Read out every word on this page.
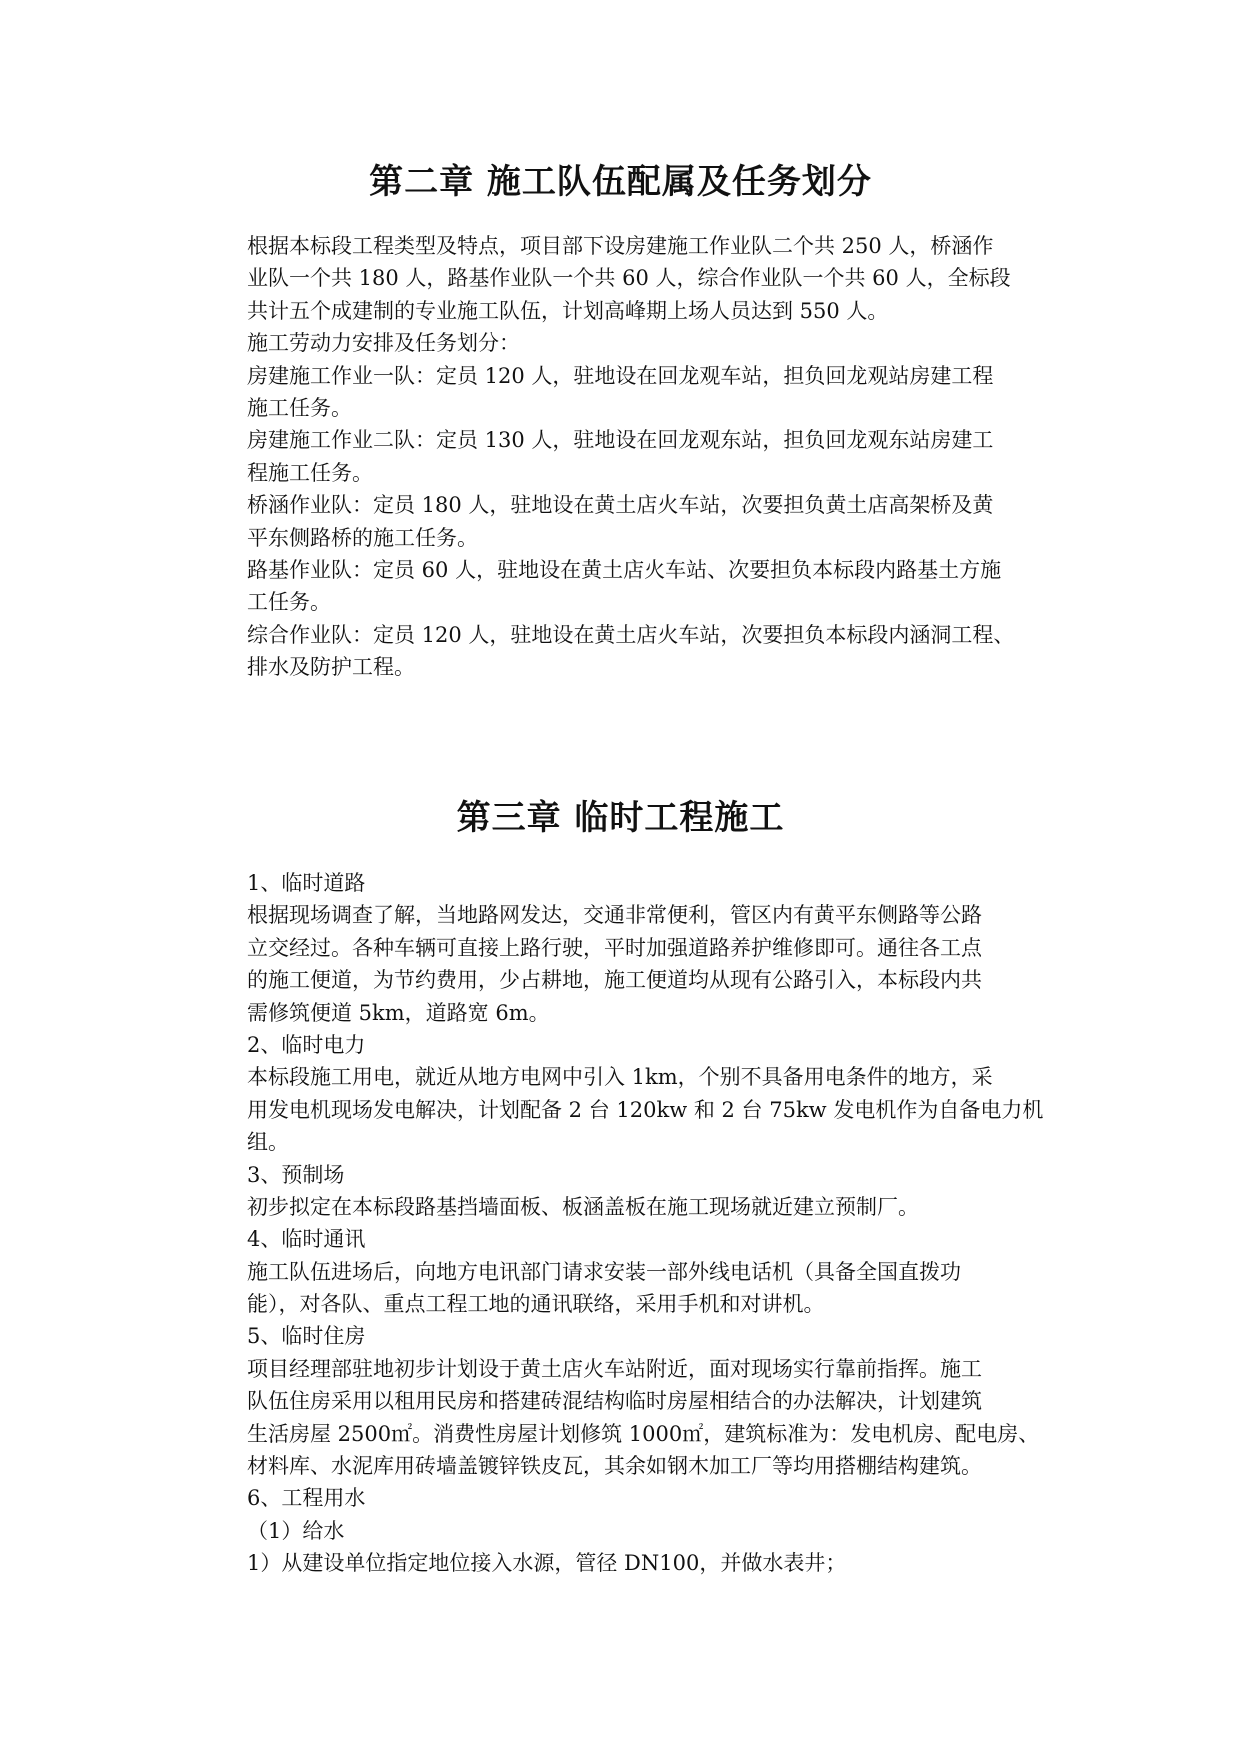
第二章 施工队伍配属及任务划分

根据本标段工程类型及特点，项目部下设房建施工作业队二个共 250 人，桥涵作

业队一个共 180 人，路基作业队一个共 60 人，综合作业队一个共 60 人，全标段

共计五个成建制的专业施工队伍，计划高峰期上场人员达到 550 人。

施工劳动力安排及任务划分：

房建施工作业一队：定员 120 人，驻地设在回龙观车站，担负回龙观站房建工程

施工任务。

房建施工作业二队：定员 130 人，驻地设在回龙观东站，担负回龙观东站房建工

程施工任务。

桥涵作业队：定员 180 人，驻地设在黄土店火车站，次要担负黄土店高架桥及黄

平东侧路桥的施工任务。

路基作业队：定员 60 人，驻地设在黄土店火车站、次要担负本标段内路基土方施

工任务。

综合作业队：定员 120 人，驻地设在黄土店火车站，次要担负本标段内涵洞工程、

排水及防护工程。

第三章 临时工程施工

1、临时道路

根据现场调查了解，当地路网发达，交通非常便利，管区内有黄平东侧路等公路

立交经过。各种车辆可直接上路行驶，平时加强道路养护维修即可。通往各工点

的施工便道，为节约费用，少占耕地，施工便道均从现有公路引入，本标段内共

需修筑便道 5km，道路宽 6m。

2、临时电力

本标段施工用电，就近从地方电网中引入 1km，个别不具备用电条件的地方，采

用发电机现场发电解决，计划配备 2 台 120kw 和 2 台 75kw 发电机作为自备电力机

组。

3、预制场

初步拟定在本标段路基挡墙面板、板涵盖板在施工现场就近建立预制厂。

4、临时通讯

施工队伍进场后，向地方电讯部门请求安装一部外线电话机（具备全国直拨功

能），对各队、重点工程工地的通讯联络，采用手机和对讲机。

5、临时住房

项目经理部驻地初步计划设于黄土店火车站附近，面对现场实行靠前指挥。施工

队伍住房采用以租用民房和搭建砖混结构临时房屋相结合的办法解决，计划建筑

生活房屋 2500㎡。消费性房屋计划修筑 1000㎡，建筑标准为：发电机房、配电房、

材料库、水泥库用砖墙盖镀锌铁皮瓦，其余如钢木加工厂等均用搭棚结构建筑。

6、工程用水

（1）给水

1）从建设单位指定地位接入水源，管径 DN100，并做水表井；
